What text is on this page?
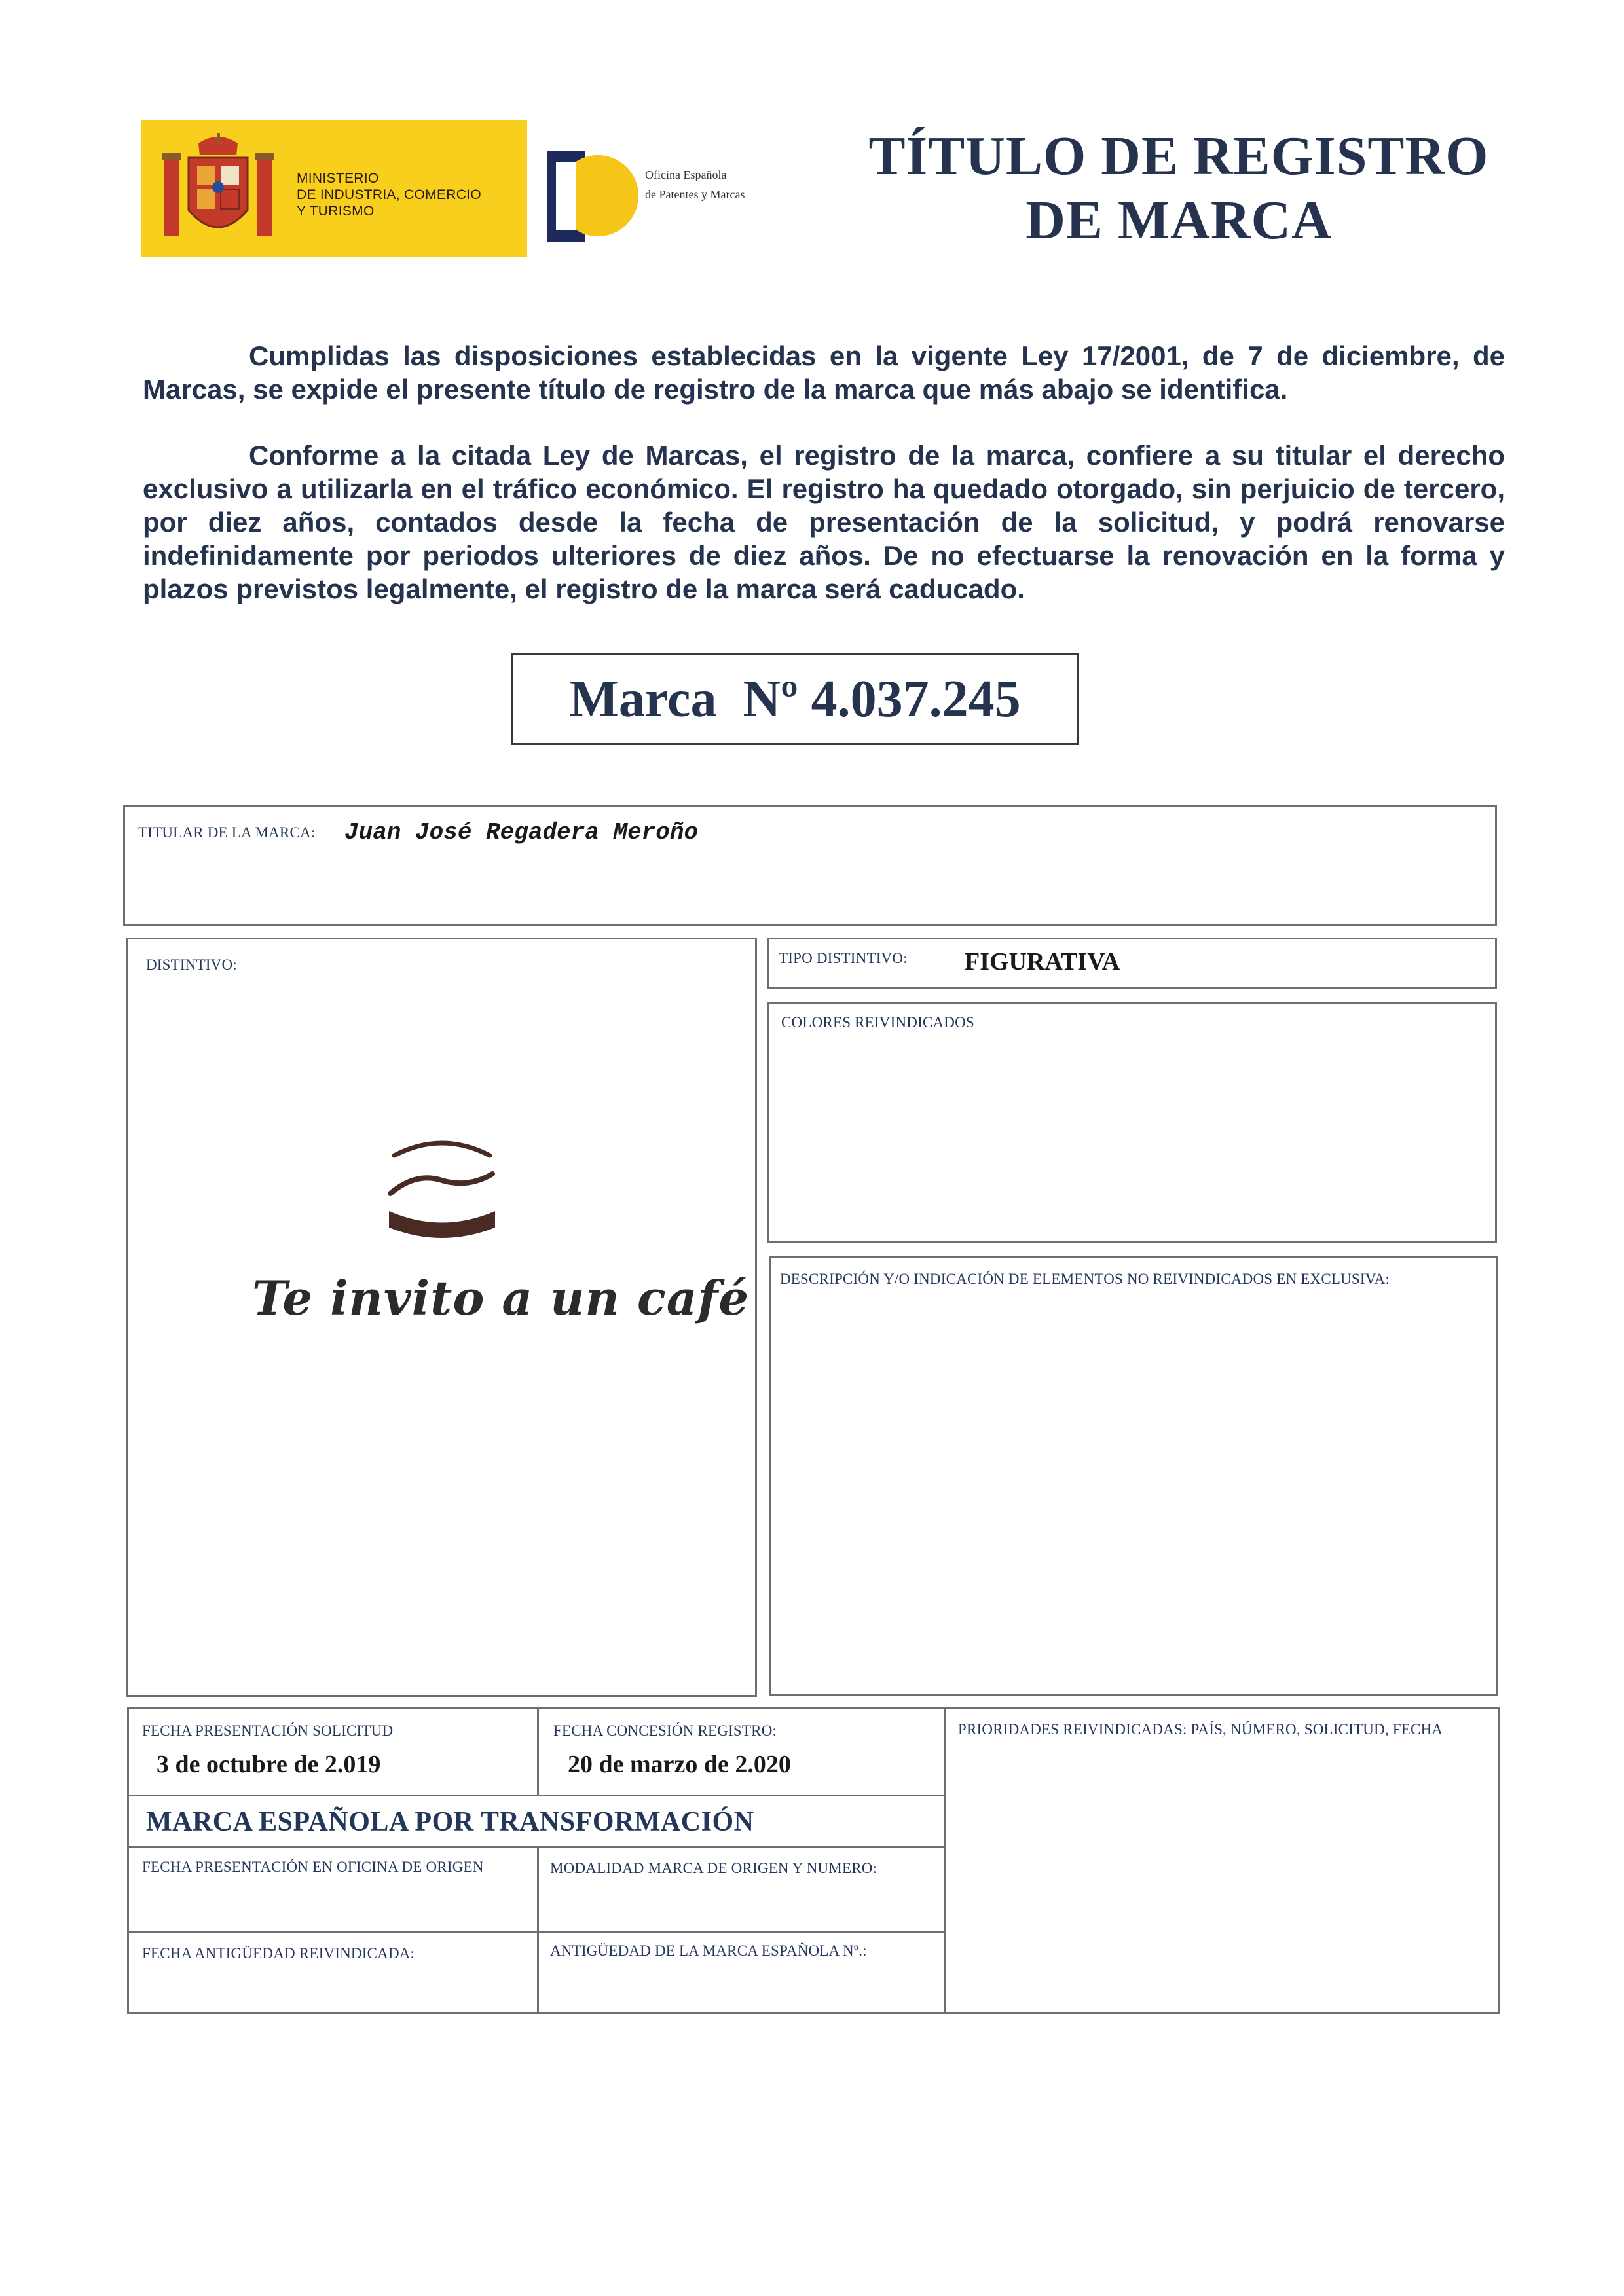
MINISTERIO
DE INDUSTRIA, COMERCIO
Y TURISMO
Oficina Española
de Patentes y Marcas
TÍTULO DE REGISTRO
DE MARCA
Cumplidas las disposiciones establecidas en la vigente Ley 17/2001, de 7 de diciembre, de Marcas, se expide el presente título de registro de la marca que más abajo se identifica.
Conforme a la citada Ley de Marcas, el registro de la marca, confiere a su titular el derecho exclusivo a utilizarla en el tráfico económico. El registro ha quedado otorgado, sin perjuicio de tercero, por diez años, contados desde la fecha de presentación de la solicitud, y podrá renovarse indefinidamente por periodos ulteriores de diez años. De no efectuarse la renovación en la forma y plazos previstos legalmente, el registro de la marca será caducado.
Marca Nº 4.037.245
TITULAR DE LA MARCA: Juan José Regadera Meroño
DISTINTIVO:
Te invito a un café
TIPO DISTINTIVO: FIGURATIVA
COLORES REIVINDICADOS
DESCRIPCIÓN Y/O INDICACIÓN DE ELEMENTOS NO REIVINDICADOS EN EXCLUSIVA:
FECHA PRESENTACIÓN SOLICITUD
3 de octubre de 2.019
FECHA CONCESIÓN REGISTRO:
20 de marzo de 2.020
MARCA ESPAÑOLA POR TRANSFORMACIÓN
FECHA PRESENTACIÓN EN OFICINA DE ORIGEN	MODALIDAD MARCA DE ORIGEN Y NUMERO:
FECHA ANTIGÜEDAD REIVINDICADA:	ANTIGÜEDAD DE LA MARCA ESPAÑOLA Nº.:
PRIORIDADES REIVINDICADAS: PAÍS, NÚMERO, SOLICITUD, FECHA
